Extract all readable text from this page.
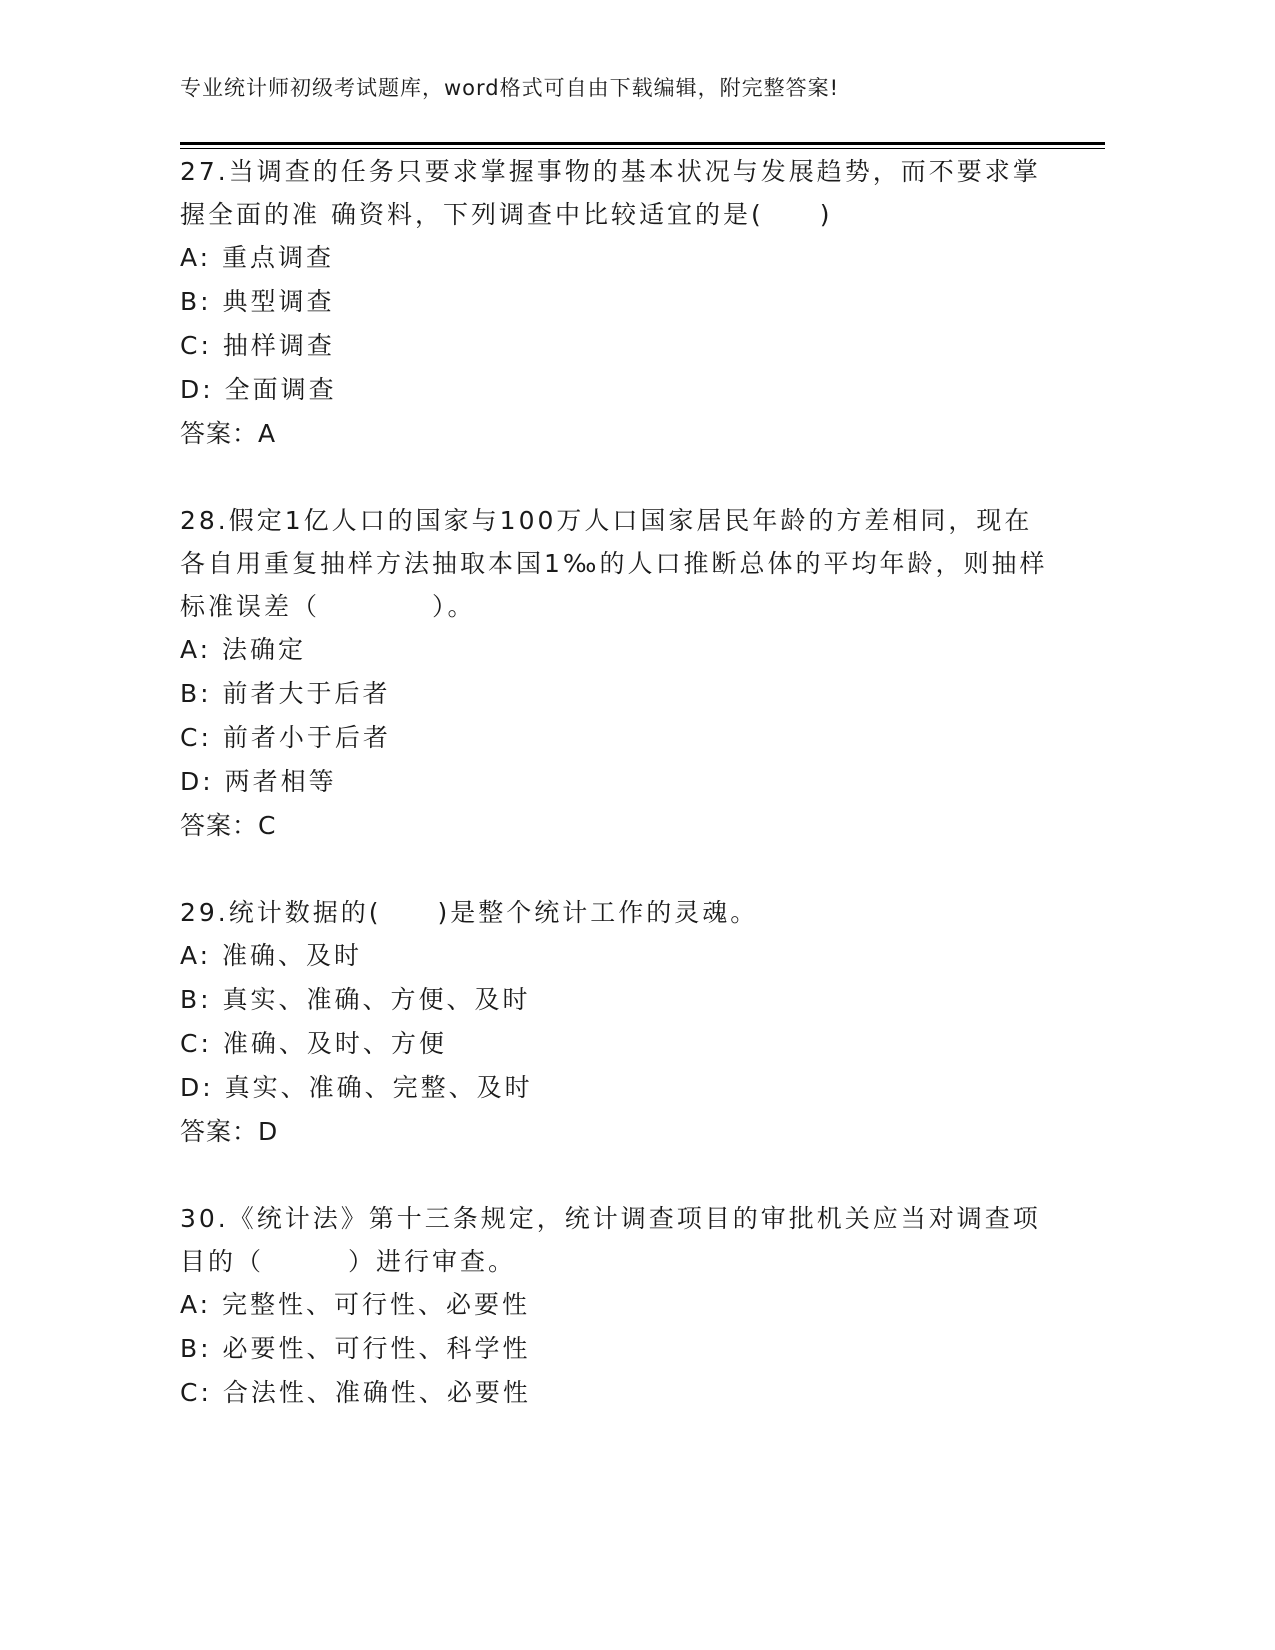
专业统计师初级考试题库，word格式可自由下载编辑，附完整答案!

27.当调查的任务只要求掌握事物的基本状况与发展趋势，而不要求掌握全面的准 确资料，下列调查中比较适宜的是(　　)

A: 重点调查

B: 典型调查

C: 抽样调查

D: 全面调查

答案：A

28.假定1亿人口的国家与100万人口国家居民年龄的方差相同，现在各自用重复抽样方法抽取本国1‰的人口推断总体的平均年龄，则抽样标准误差（　　　　）。

A: 法确定

B: 前者大于后者

C: 前者小于后者

D: 两者相等

答案：C

29.统计数据的(　　)是整个统计工作的灵魂。

A: 准确、及时

B: 真实、准确、方便、及时

C: 准确、及时、方便

D: 真实、准确、完整、及时

答案：D

30.《统计法》第十三条规定，统计调查项目的审批机关应当对调查项目的（　　　）进行审查。

A: 完整性、可行性、必要性

B: 必要性、可行性、科学性

C: 合法性、准确性、必要性
